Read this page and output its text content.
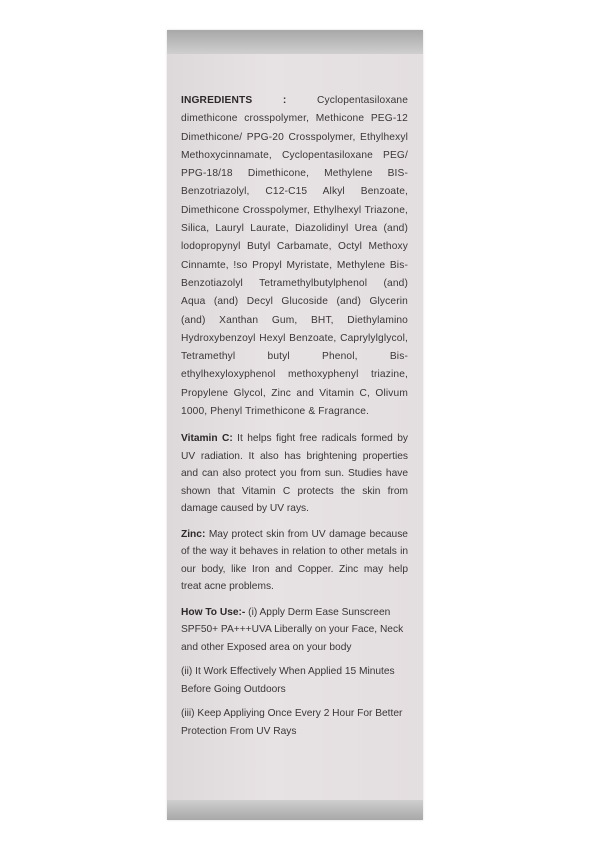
INGREDIENTS :	Cyclopentasiloxane dimethicone crosspolymer, Methicone PEG-12 Dimethicone/ PPG-20 Crosspolymer, Ethylhexyl Methoxycinnamate, Cyclopentasiloxane PEG/ PPG-18/18 Dimethicone, Methylene BIS-Benzotriazolyl, C12-C15 Alkyl Benzoate, Dimethicone Crosspolymer, Ethylhexyl Triazone, Silica, Lauryl Laurate, Diazolidinyl Urea (and) lodopropynyl Butyl Carbamate, Octyl Methoxy Cinnamte, !so Propyl Myristate, Methylene Bis- Benzotiazolyl Tetramethylbutylphenol (and) Aqua (and) Decyl Glucoside (and) Glycerin (and) Xanthan Gum, BHT, Diethylamino Hydroxybenzoyl Hexyl Benzoate, Caprylylglycol, Tetramethyl butyl Phenol, Bis-ethylhexyloxyphenol methoxyphenyl triazine, Propylene Glycol, Zinc and Vitamin C, Olivum 1000, Phenyl Trimethicone & Fragrance.

Vitamin C: It helps fight free radicals formed by UV radiation. It also has brightening properties and can also protect you from sun. Studies have shown that Vitamin C protects the skin from damage caused by UV rays.

Zinc: May protect skin from UV damage because of the way it behaves in relation to other metals in our body, like Iron and Copper. Zinc may help treat acne problems.

How To Use:- (i) Apply Derm Ease Sunscreen SPF50+ PA+++UVA Liberally on your Face, Neck and other Exposed area on your body

(ii) It Work Effectively When Applied 15 Minutes Before Going Outdoors

(iii) Keep Appliying Once Every 2 Hour For Better Protection From UV Rays
